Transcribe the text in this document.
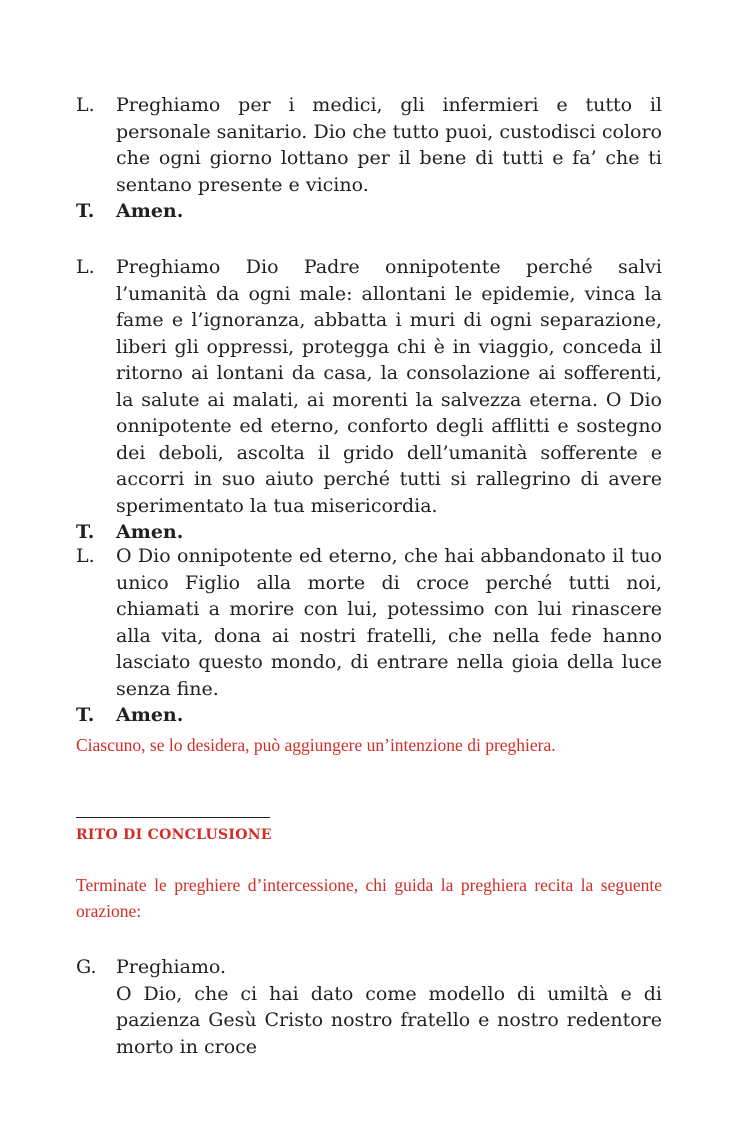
L. Preghiamo per i medici, gli infermieri e tutto il personale sanitario. Dio che tutto puoi, custodisci coloro che ogni giorno lottano per il bene di tutti e fa’ che ti sentano presente e vicino.
T. Amen.
L. Preghiamo Dio Padre onnipotente perché salvi l’umanità da ogni male: allontani le epidemie, vinca la fame e l’ignoranza, abbatta i muri di ogni separazione, liberi gli oppressi, protegga chi è in viaggio, conceda il ritorno ai lontani da casa, la consolazione ai sofferenti, la salute ai malati, ai morenti la salvezza eterna. O Dio onnipotente ed eterno, conforto degli afflitti e sostegno dei deboli, ascolta il grido dell’umanità sofferente e accorri in suo aiuto perché tutti si rallegrino di avere sperimentato la tua misericordia.
T. Amen.
L. O Dio onnipotente ed eterno, che hai abbandonato il tuo unico Figlio alla morte di croce perché tutti noi, chiamati a morire con lui, potessimo con lui rinascere alla vita, dona ai nostri fratelli, che nella fede hanno lasciato questo mondo, di entrare nella gioia della luce senza fine.
T. Amen.
Ciascuno, se lo desidera, può aggiungere un’intenzione di preghiera.
RITO DI CONCLUSIONE
Terminate le preghiere d’intercessione, chi guida la preghiera recita la seguente orazione:
G. Preghiamo.
O Dio, che ci hai dato come modello di umiltà e di pazienza Gesù Cristo nostro fratello e nostro redentore morto in croce
